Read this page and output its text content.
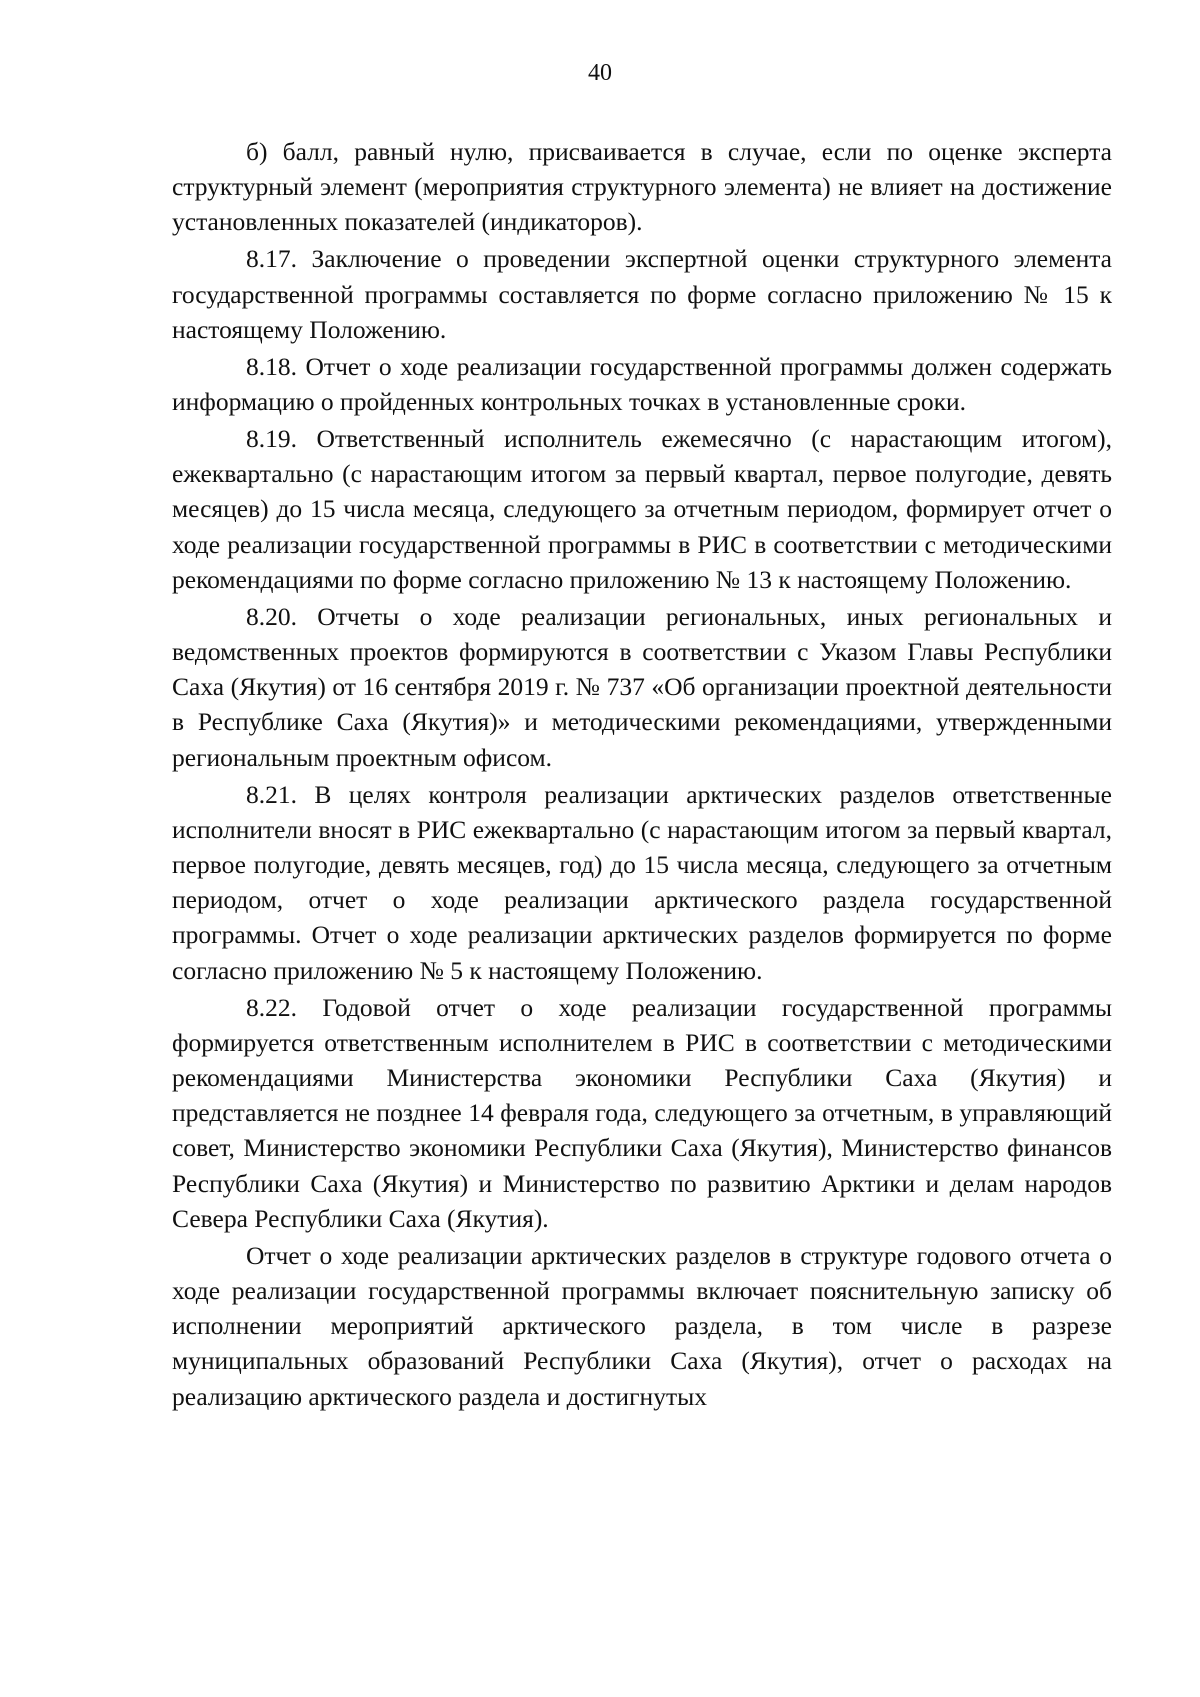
40

б) балл, равный нулю, присваивается в случае, если по оценке эксперта структурный элемент (мероприятия структурного элемента) не влияет на достижение установленных показателей (индикаторов).

8.17. Заключение о проведении экспертной оценки структурного элемента государственной программы составляется по форме согласно приложению № 15 к настоящему Положению.

8.18. Отчет о ходе реализации государственной программы должен содержать информацию о пройденных контрольных точках в установленные сроки.

8.19. Ответственный исполнитель ежемесячно (с нарастающим итогом), ежеквартально (с нарастающим итогом за первый квартал, первое полугодие, девять месяцев) до 15 числа месяца, следующего за отчетным периодом, формирует отчет о ходе реализации государственной программы в РИС в соответствии с методическими рекомендациями по форме согласно приложению № 13 к настоящему Положению.

8.20. Отчеты о ходе реализации региональных, иных региональных и ведомственных проектов формируются в соответствии с Указом Главы Республики Саха (Якутия) от 16 сентября 2019 г. № 737 «Об организации проектной деятельности в Республике Саха (Якутия)» и методическими рекомендациями, утвержденными региональным проектным офисом.

8.21. В целях контроля реализации арктических разделов ответственные исполнители вносят в РИС ежеквартально (с нарастающим итогом за первый квартал, первое полугодие, девять месяцев, год) до 15 числа месяца, следующего за отчетным периодом, отчет о ходе реализации арктического раздела государственной программы. Отчет о ходе реализации арктических разделов формируется по форме согласно приложению № 5 к настоящему Положению.

8.22. Годовой отчет о ходе реализации государственной программы формируется ответственным исполнителем в РИС в соответствии с методическими рекомендациями Министерства экономики Республики Саха (Якутия) и представляется не позднее 14 февраля года, следующего за отчетным, в управляющий совет, Министерство экономики Республики Саха (Якутия), Министерство финансов Республики Саха (Якутия) и Министерство по развитию Арктики и делам народов Севера Республики Саха (Якутия).

Отчет о ходе реализации арктических разделов в структуре годового отчета о ходе реализации государственной программы включает пояснительную записку об исполнении мероприятий арктического раздела, в том числе в разрезе муниципальных образований Республики Саха (Якутия), отчет о расходах на реализацию арктического раздела и достигнутых
